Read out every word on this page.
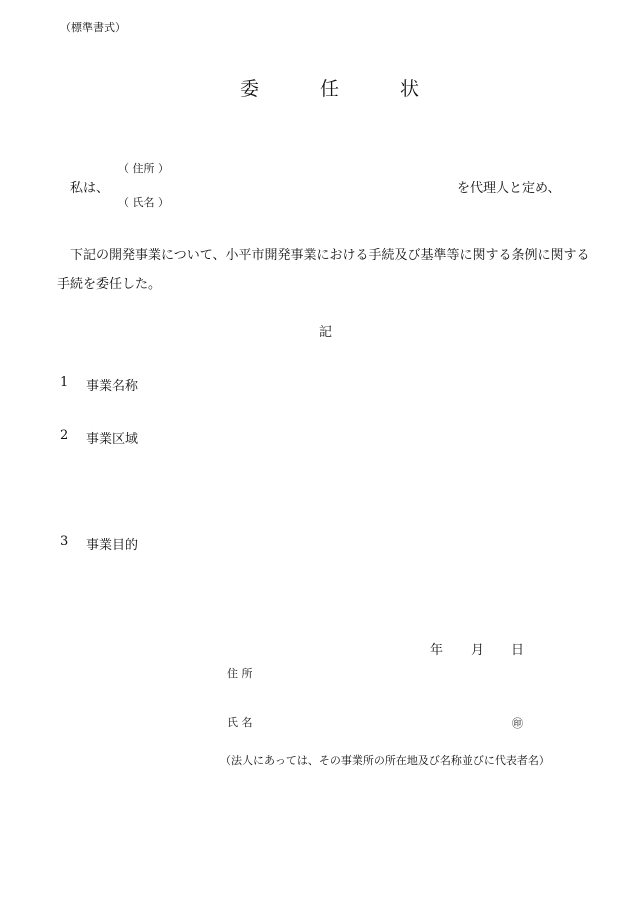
（標準書式）
委	任	状
（ 住所 ）
私は、
（ 氏名 ）
を代理人と定め、
下記の開発事業について、小平市開発事業における手続及び基準等に関する条例に関する手続を委任した。
記
1 事業名称
2 事業区域
3 事業目的
年 月 日
住 所
氏 名	㊞
（法人にあっては、その事業所の所在地及び名称並びに代表者名）
